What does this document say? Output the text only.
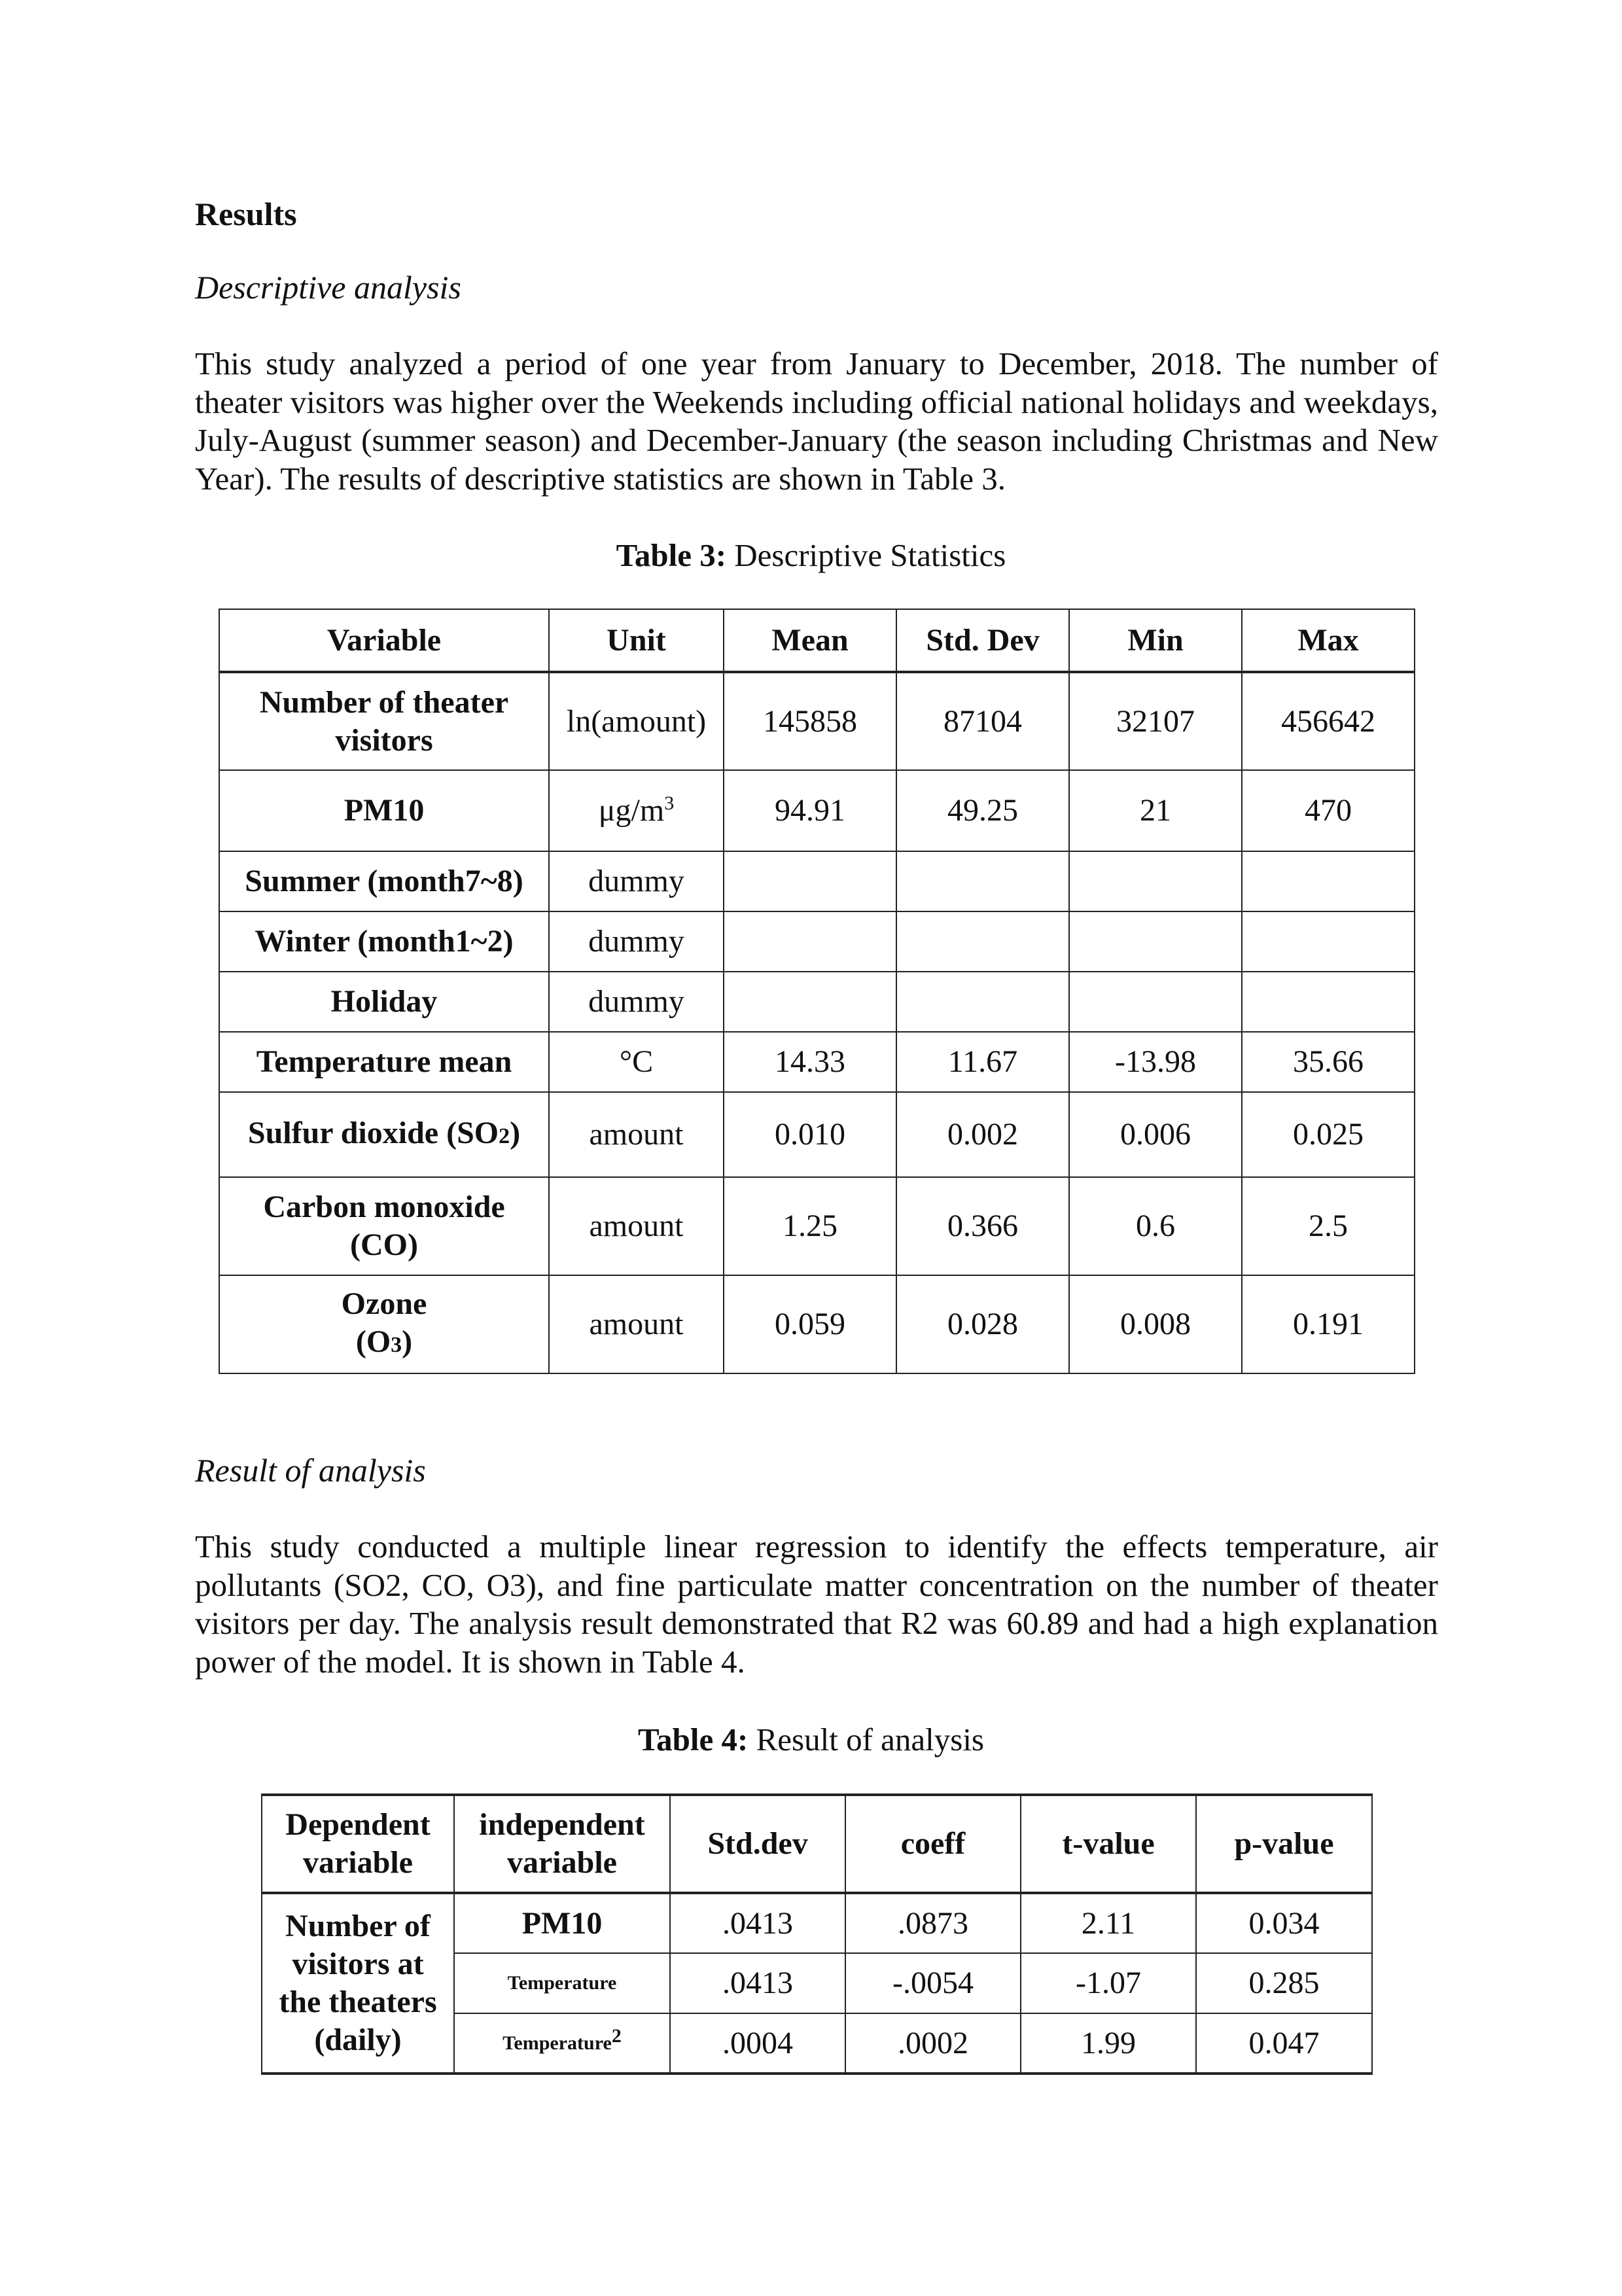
Results
Descriptive analysis
This study analyzed a period of one year from January to December, 2018. The number of theater visitors was higher over the Weekends including official national holidays and weekdays, July-August (summer season) and December-January (the season including Christmas and New Year). The results of descriptive statistics are shown in Table 3.
Table 3: Descriptive Statistics
Variable	Unit	Mean	Std. Dev	Min	Max
Number of theater visitors	ln(amount)	145858	87104	32107	456642
PM10	$\mu g/m^3$	94.91	49.25	21	470
Summer (month7~8)	dummy				
Winter (month1~2)	dummy				
Holiday	dummy				
Temperature mean	°C	14.33	11.67	-13.98	35.66
Sulfur dioxide (SO2)	amount	0.010	0.002	0.006	0.025

Carbon monoxide
(CO)	amount	1.25	0.366	0.6	2.5

Ozone
(O3)	amount	0.059	0.028	0.008	0.191
Result of analysis
This study conducted a multiple linear regression to identify the effects temperature, air pollutants (SO2, CO, O3), and fine particulate matter concentration on the number of theater visitors per day. The analysis result demonstrated that R2 was 60.89 and had a high explanation power of the model. It is shown in Table 4.
Table 4: Result of analysis
Dependent variable	independent variable	Std.dev	coeff	t-value	p-value
Number of visitors at the theaters (daily)	PM10	.0413	.0873	2.11	0.034
	Temperature	.0413	-.0054	-1.07	0.285
	Temperature$^2$	.0004	.0002	1.99	0.047
